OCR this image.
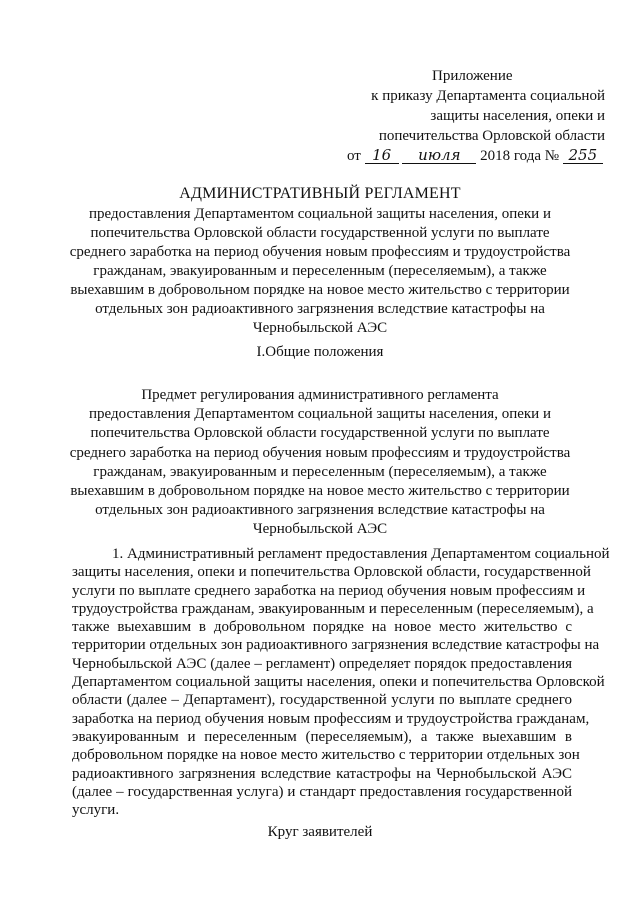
Приложение
к приказу Департамента социальной
защиты населения, опеки и
попечительства Орловской области
от 16 июля 2018 года № 255
АДМИНИСТРАТИВНЫЙ РЕГЛАМЕНТ
предоставления Департаментом социальной защиты населения, опеки и
попечительства Орловской области государственной услуги по выплате
среднего заработка на период обучения новым профессиям и трудоустройства
гражданам, эвакуированным и переселенным (переселяемым), а также
выехавшим в добровольном порядке на новое место жительство с территории
отдельных зон радиоактивного загрязнения вследствие катастрофы на
Чернобыльской АЭС
I.Общие положения
Предмет регулирования административного регламента
предоставления Департаментом социальной защиты населения, опеки и
попечительства Орловской области государственной услуги по выплате
среднего заработка на период обучения новым профессиям и трудоустройства
гражданам, эвакуированным и переселенным (переселяемым), а также
выехавшим в добровольном порядке на новое место жительство с территории
отдельных зон радиоактивного загрязнения вследствие катастрофы на
Чернобыльской АЭС
1. Административный регламент предоставления Департаментом социальной
защиты населения, опеки и попечительства Орловской области, государственной
услуги по выплате среднего заработка на период обучения новым профессиям и
трудоустройства гражданам, эвакуированным и переселенным (переселяемым), а
также выехавшим в добровольном порядке на новое место жительство с
территории отдельных зон радиоактивного загрязнения вследствие катастрофы на
Чернобыльской АЭС (далее – регламент) определяет порядок предоставления
Департаментом социальной защиты населения, опеки и попечительства Орловской
области (далее – Департамент), государственной услуги по выплате среднего
заработка на период обучения новым профессиям и трудоустройства гражданам,
эвакуированным и переселенным (переселяемым), а также выехавшим в
добровольном порядке на новое место жительство с территории отдельных зон
радиоактивного загрязнения вследствие катастрофы на Чернобыльской АЭС
(далее – государственная услуга) и стандарт предоставления государственной
услуги.
Круг заявителей
